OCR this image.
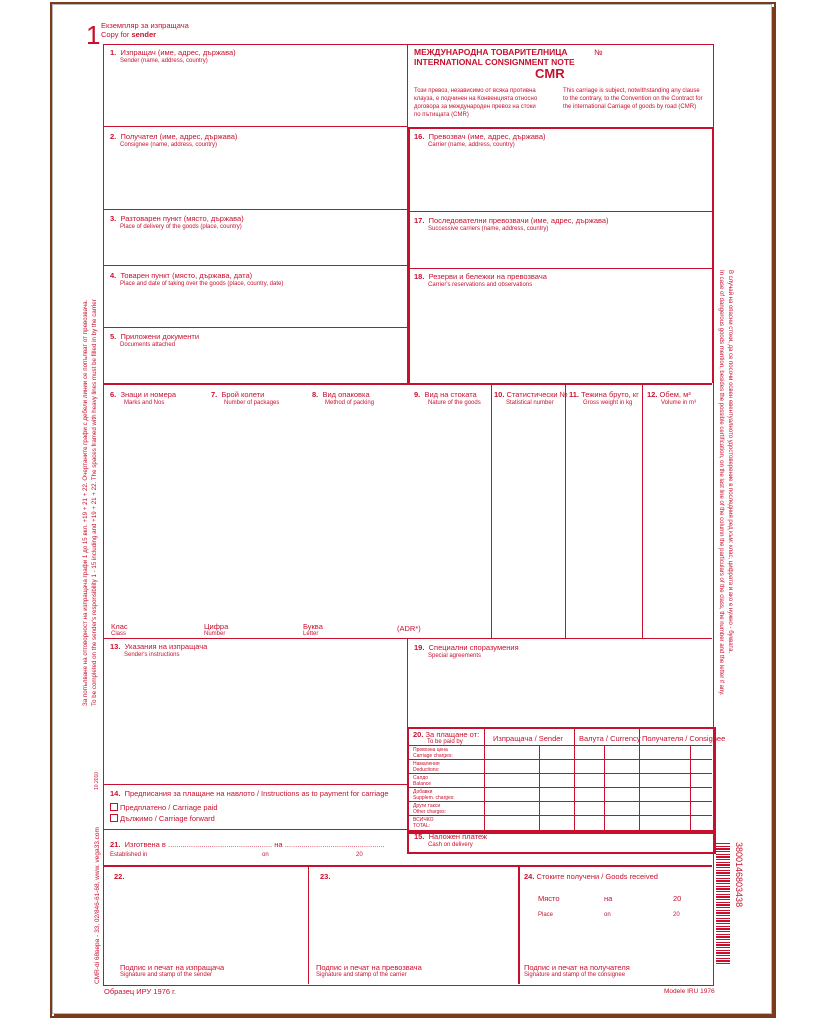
1 Екземпляр за изпращача
Copy for sender
МЕЖДУНАРОДНА ТОВАРИТЕЛНИЦА	№
INTERNATIONAL CONSIGNMENT NOTE
CMR
Този превоз, независимо от всяка противна
клауза, е подчинен на Конвенцията относно
договора за международен превоз на стоки
по пътищата (CMR)
This carriage is subject, notwithstanding any clause
to the contrary, to the Convention on the Contract for
the international Carriage of goods by road (CMR)
1. Изпращач (име, адрес, държава)
Sender (name, address, country)
2. Получател (име, адрес, държава)
Consignee (name, address, country)
3. Разтоварен пункт (място, държава)
Place of delivery of the goods (place, country)
4. Товарен пункт (място, държава, дата)
Place and date of taking over the goods (place, country, date)
5. Приложени документи
Documents attached
16. Превозвач (име, адрес, държава)
Carrier (name, address, country)
17. Последователни превозвачи (име, адрес, държава)
Successive carriers (name, address, country)
18. Резерви и бележки на превозвача
Carrier's reservations and observations
6. Знаци и номера
Marks and Nos
7. Брой колети
Number of packages
8. Вид опаковка
Method of packing
9. Вид на стоката
Nature of the goods
10. Статистически №
Statistical number
11. Тежина бруто, кг
Gross weight in kg
12. Обем, м³
Volume in m³
Клас
Class
Цифра
Number
Буква
Letter
(ADR*)
13. Указания на изпращача
Sender's instructions
19. Специални споразумения
Special agreements
20. За плащане от:
To be paid by	Изпращача / Sender Валута / Currency Получателя / Consignee
Превозна цена
Carriage charges:
Намаления
Deductions:
Салдо
Balance
Добавки
Supplem. charges:
Други такси
Other charges:
ВСИЧКО
TOTAL:
14. Предписания за плащане на навлото / Instructions as to payment for carriage
Предплатено / Carriage paid
Дължимо / Carriage forward
21. Изготвена в .................................................. на ................................................
Established in	on	20
15. Наложен платеж
Cash on delivery
22.
Подпис и печат на изпращача
Signature and stamp of the sender
23.
Подпис и печат на превозвача
Signature and stamp of the carrier
24. Стоките получени / Goods received
Място	на	20
Place	on	20
Подпис и печат на получателя
Signature and stamp of the consignee
Образец ИРУ 1976 г.	Modele IRU 1976
За попълване на отговорност на изпращача графи 1 до 15 вкл. +19 + 21 + 22. Очертаните графи с дебели линии се попълват от превозвача. To be completed on the sender's responsibility 1 - 15 including and +19 + 21 + 22. The spaces framed with heavy lines must be filled in by the carrier	В случай на опасни стоки, да се посочи освен евентуалното удостоверение в последния ред към: клас, цифрата и ако е нужно - буквата.
In case of dangerous goods mention, besides the possible certification, on the last line of the column the particulars of the class, the number and the letter if any.
CMR-di 68вера - 33, 02/846-61-68, www. vega33.com
10.2010
3800146803438
